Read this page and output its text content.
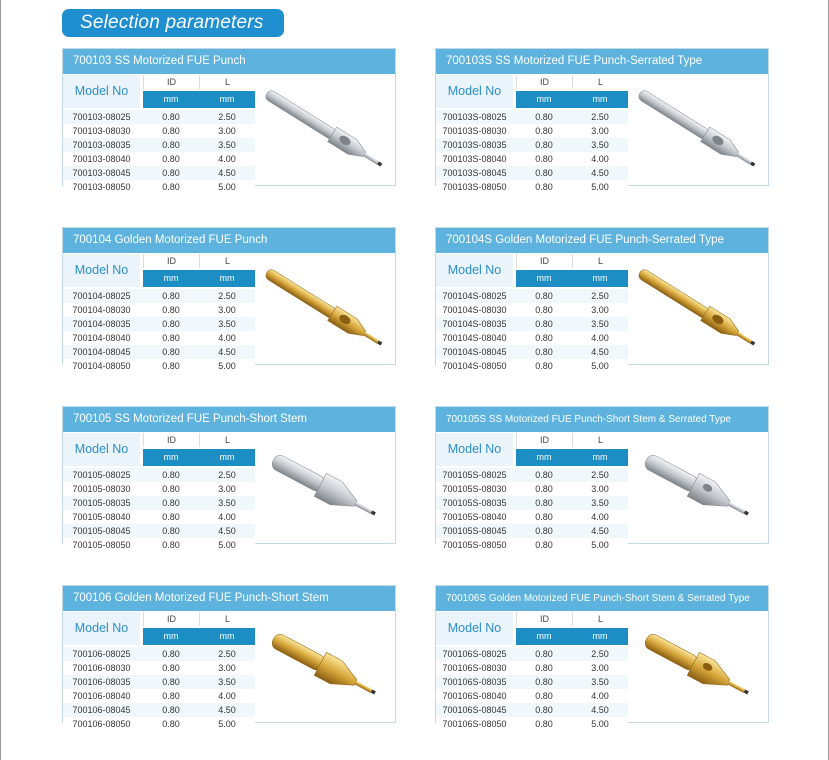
Selection parameters
700103 SS Motorized FUE Punch
Model No
ID
mm
L
mm
700103-08025	0.80	2.50
700103-08030	0.80	3.00
700103-08035	0.80	3.50
700103-08040	0.80	4.00
700103-08045	0.80	4.50
700103-08050	0.80	5.00
700103S SS Motorized FUE Punch-Serrated Type
Model No
ID
mm
L
mm
700103S-08025	0.80	2.50
700103S-08030	0.80	3.00
700103S-08035	0.80	3.50
700103S-08040	0.80	4.00
700103S-08045	0.80	4.50
700103S-08050	0.80	5.00
700104 Golden Motorized FUE Punch
Model No
ID
mm
L
mm
700104-08025	0.80	2.50
700104-08030	0.80	3.00
700104-08035	0.80	3.50
700104-08040	0.80	4.00
700104-08045	0.80	4.50
700104-08050	0.80	5.00
700104S Golden Motorized FUE Punch-Serrated Type
Model No
ID
mm
L
mm
700104S-08025	0.80	2.50
700104S-08030	0.80	3.00
700104S-08035	0.80	3.50
700104S-08040	0.80	4.00
700104S-08045	0.80	4.50
700104S-08050	0.80	5.00
700105 SS Motorized FUE Punch-Short Stem
Model No
ID
mm
L
mm
700105-08025	0.80	2.50
700105-08030	0.80	3.00
700105-08035	0.80	3.50
700105-08040	0.80	4.00
700105-08045	0.80	4.50
700105-08050	0.80	5.00
700105S SS Motorized FUE Punch-Short Stem & Serrated Type
Model No
ID
mm
L
mm
700105S-08025	0.80	2.50
700105S-08030	0.80	3.00
700105S-08035	0.80	3.50
700105S-08040	0.80	4.00
700105S-08045	0.80	4.50
700105S-08050	0.80	5.00
700106 Golden Motorized FUE Punch-Short Stem
Model No
ID
mm
L
mm
700106-08025	0.80	2.50
700106-08030	0.80	3.00
700106-08035	0.80	3.50
700106-08040	0.80	4.00
700106-08045	0.80	4.50
700106-08050	0.80	5.00
700106S Golden Motorized FUE Punch-Short Stem & Serrated Type
Model No
ID
mm
L
mm
700106S-08025	0.80	2.50
700106S-08030	0.80	3.00
700106S-08035	0.80	3.50
700106S-08040	0.80	4.00
700106S-08045	0.80	4.50
700106S-08050	0.80	5.00
